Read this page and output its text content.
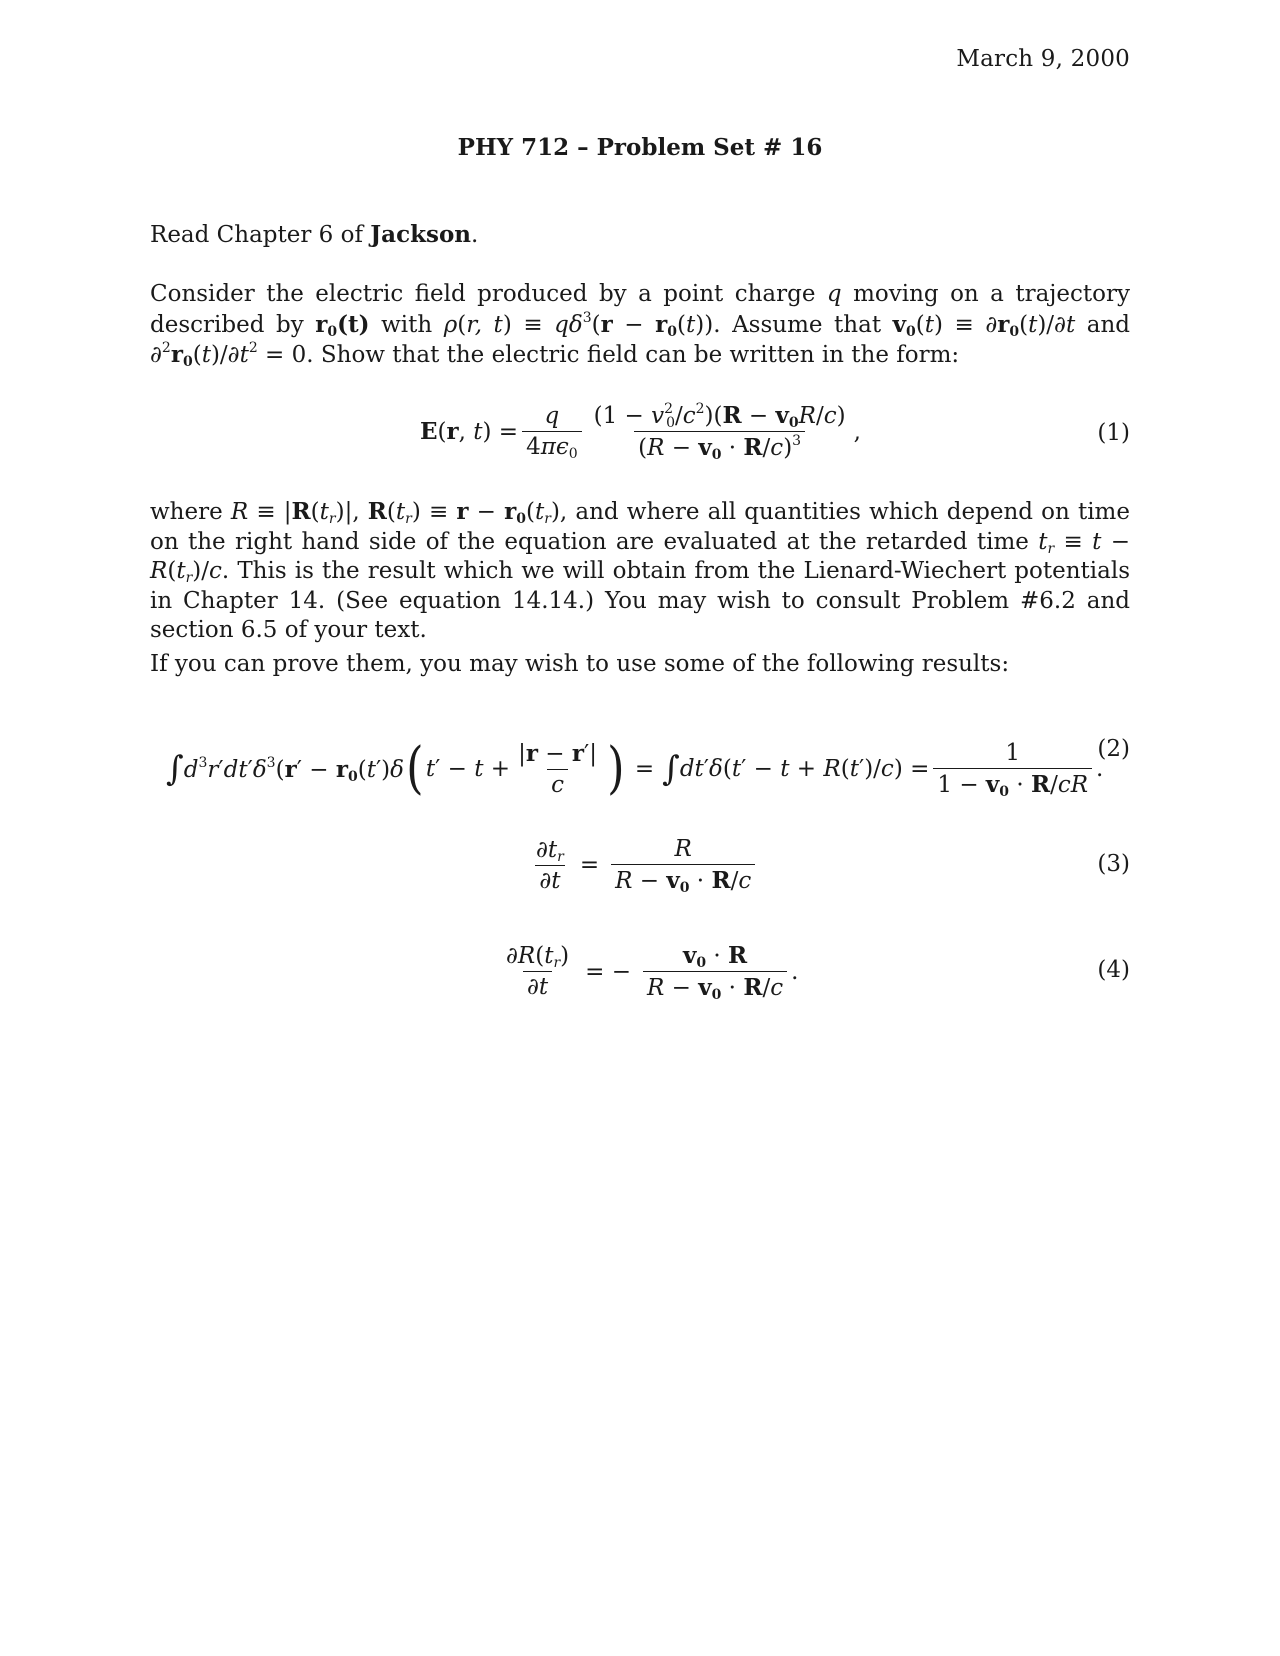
March 9, 2000
PHY 712 – Problem Set # 16
Read Chapter 6 of Jackson.
Consider the electric field produced by a point charge q moving on a trajectory described by $r_0(t)$ with ρ(r, $t) \equiv q\delta^3(r - r_0(t))$. Assume that $v_0(t) \equiv \partial r_0(t)/\partial t$ and $\partial^2r_0(t)/\partial t^2 = 0$. Show that the electric field can be written in the form:
E(r, $t) = \frac{q}{4\pi\epsilon_0} \frac{(1 - v^2_0/c^2)(R - v_0R/c)}{(R - v_0 \cdot R/c)^3}$ ,	(1)
where $R \equiv |R(t_r)|$, $R(t_r) \equiv r - r_0(t_r)$, and where all quantities which depend on time on the right hand side of the equation are evaluated at the retarded time $t_r \equiv t - R(t_r)/c$. This is the result which we will obtain from the Lienard-Wiechert potentials in Chapter 14. (See equation 14.14.) You may wish to consult Problem #6.2 and section 6.5 of your text.
If you can prove them, you may wish to use some of the following results:
∫ $d^3r'dt'\delta^3(r' - r_0(t')\delta$ ( $t' - t + \frac{|r - r'|}{c}$ ) = ∫ $dt'\delta(t' - t + R(t')/c) = \frac{1}{1 - v_0 \cdot R/cR}$ .
(2)
$\frac{\partial t_r}{\partial t} = \frac{R}{R - v_0 \cdot R/c}$	(3)
$\frac{\partial R(t_r)}{\partial t}$ = − $\frac{v_0 \cdot R}{R - v_0 \cdot R/c}$ .	(4)
